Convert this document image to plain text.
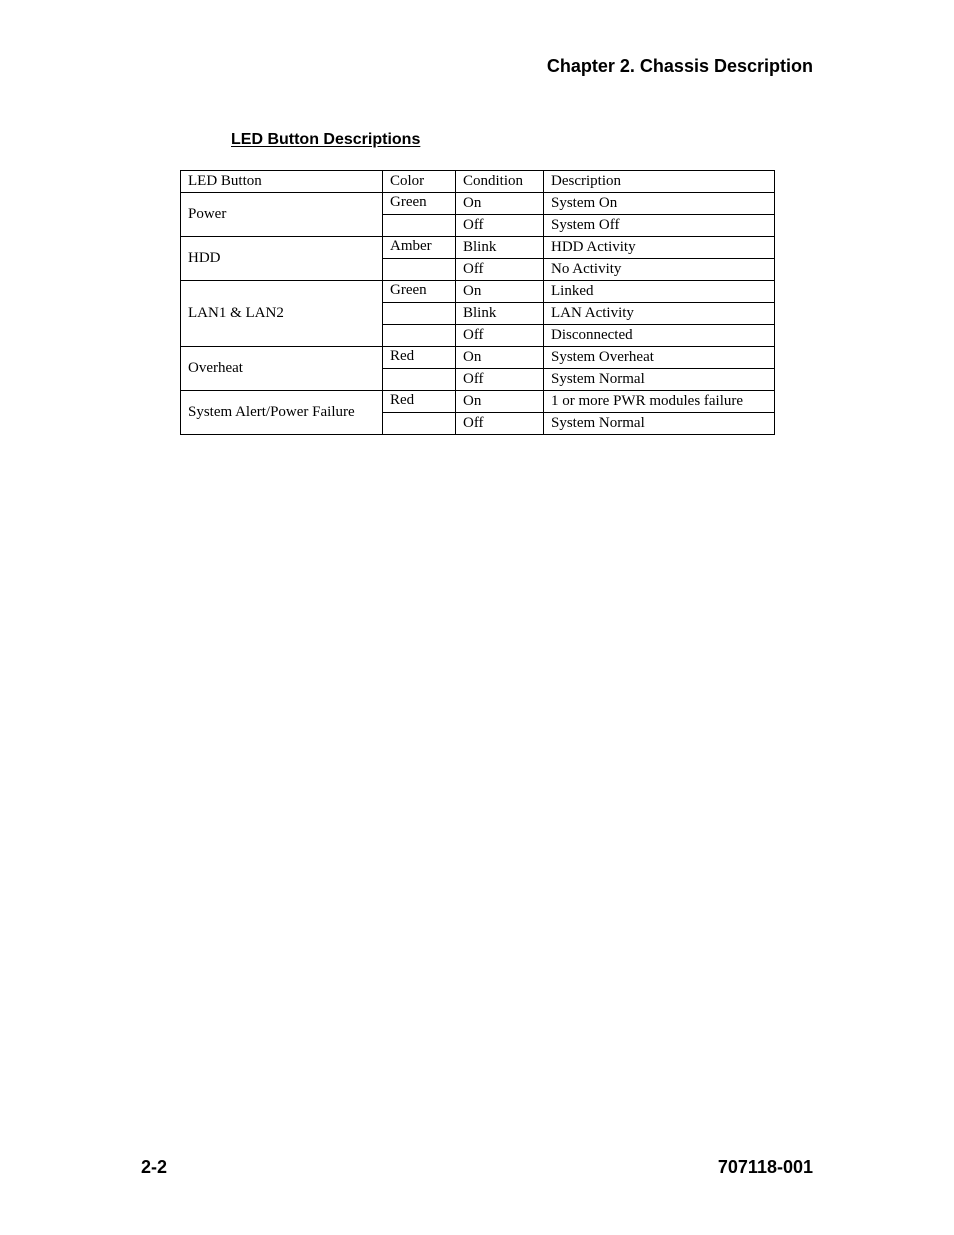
Chapter 2. Chassis Description
LED Button Descriptions
LED Button	Color	Condition	Description
Power	Green	On	System On
		Off	System Off
HDD	Amber	Blink	HDD Activity
		Off	No Activity
LAN1 & LAN2	Green	On	Linked
		Blink	LAN Activity
		Off	Disconnected
Overheat	Red	On	System Overheat
		Off	System Normal
System Alert/Power Failure	Red	On	1 or more PWR modules failure
		Off	System Normal
2-2	707118-001
